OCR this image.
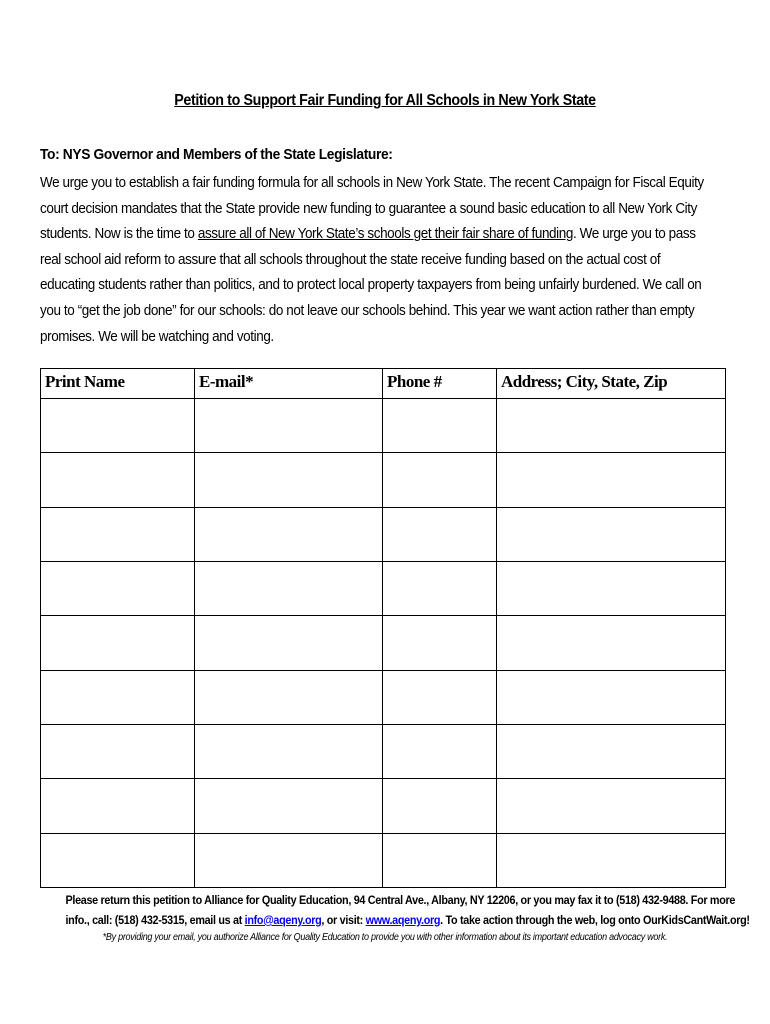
Petition to Support Fair Funding for All Schools in New York State
To: NYS Governor and Members of the State Legislature:
We urge you to establish a fair funding formula for all schools in New York State. The recent Campaign for Fiscal Equity
court decision mandates that the State provide new funding to guarantee a sound basic education to all New York City
students. Now is the time to assure all of New York State’s schools get their fair share of funding. We urge you to pass
real school aid reform to assure that all schools throughout the state receive funding based on the actual cost of
educating students rather than politics, and to protect local property taxpayers from being unfairly burdened. We call on
you to “get the job done” for our schools: do not leave our schools behind. This year we want action rather than empty
promises. We will be watching and voting.
Print Name	E-mail*	Phone #	Address; City, State, Zip

Please return this petition to Alliance for Quality Education, 94 Central Ave., Albany, NY 12206, or you may fax it to (518) 432-9488. For more
info., call: (518) 432-5315, email us at info@aqeny.org, or visit: www.aqeny.org. To take action through the web, log onto OurKidsCantWait.org!
*By providing your email, you authorize Alliance for Quality Education to provide you with other information about its important education advocacy work.
